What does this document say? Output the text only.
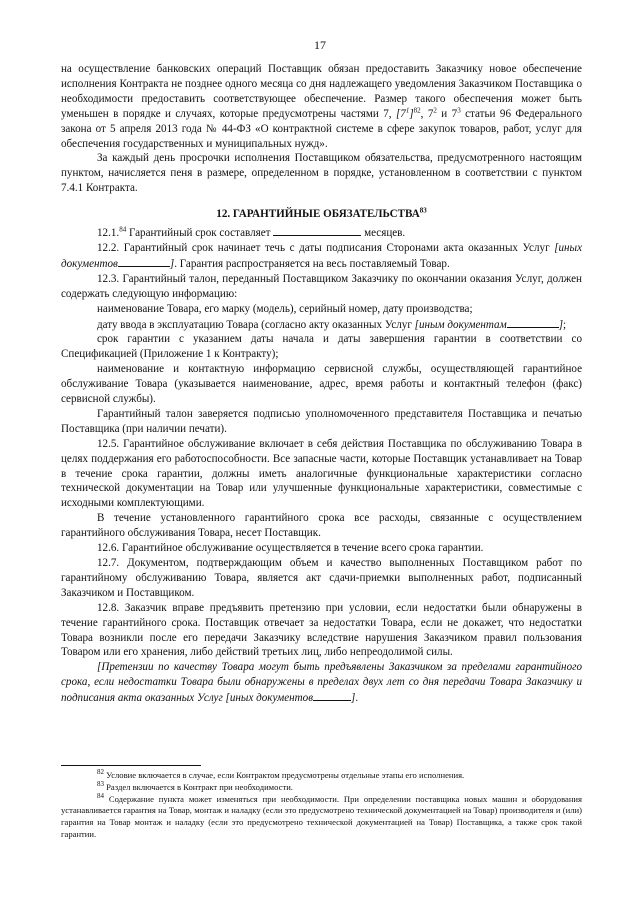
17

на осуществление банковских операций Поставщик обязан предоставить Заказчику новое обеспечение исполнения Контракта не позднее одного месяца со дня надлежащего уведомления Заказчиком Поставщика о необходимости предоставить соответствующее обеспечение. Размер такого обеспечения может быть уменьшен в порядке и случаях, которые предусмотрены частями 7, $[7^1]^{82}$, $7^2$ и $7^3$ статьи 96 Федерального закона от 5 апреля 2013 года № 44-ФЗ «О контрактной системе в сфере закупок товаров, работ, услуг для обеспечения государственных и муниципальных нужд».

За каждый день просрочки исполнения Поставщиком обязательства, предусмотренного настоящим пунктом, начисляется пеня в размере, определенном в порядке, установленном в соответствии с пунктом 7.4.1 Контракта.

12. ГАРАНТИЙНЫЕ ОБЯЗАТЕЛЬСТВА$^{83}$

12.1.84 Гарантийный срок составляет	месяцев.

12.2. Гарантийный срок начинает течь с даты подписания Сторонами акта оказанных Услуг [иных документов	]. Гарантия распространяется на весь поставляемый Товар.

12.3. Гарантийный талон, переданный Поставщиком Заказчику по окончании оказания Услуг, должен содержать следующую информацию:

наименование Товара, его марку (модель), серийный номер, дату производства;

дату ввода в эксплуатацию Товара (согласно акту оказанных Услуг [иным документам	];

срок гарантии с указанием даты начала и даты завершения гарантии в соответствии со Спецификацией (Приложение 1 к Контракту);

наименование и контактную информацию сервисной службы, осуществляющей гарантийное обслуживание Товара (указывается наименование, адрес, время работы и контактный телефон (факс) сервисной службы).

Гарантийный талон заверяется подписью уполномоченного представителя Поставщика и печатью Поставщика (при наличии печати).

12.5. Гарантийное обслуживание включает в себя действия Поставщика по обслуживанию Товара в целях поддержания его работоспособности. Все запасные части, которые Поставщик устанавливает на Товар в течение срока гарантии, должны иметь аналогичные функциональные характеристики согласно технической документации на Товар или улучшенные функциональные характеристики, совместимые с исходными комплектующими.

В течение установленного гарантийного срока все расходы, связанные с осуществлением гарантийного обслуживания Товара, несет Поставщик.

12.6. Гарантийное обслуживание осуществляется в течение всего срока гарантии.

12.7. Документом, подтверждающим объем и качество выполненных Поставщиком работ по гарантийному обслуживанию Товара, является акт сдачи-приемки выполненных работ, подписанный Заказчиком и Поставщиком.

12.8. Заказчик вправе предъявить претензию при условии, если недостатки были обнаружены в течение гарантийного срока. Поставщик отвечает за недостатки Товара, если не докажет, что недостатки Товара возникли после его передачи Заказчику вследствие нарушения Заказчиком правил пользования Товаром или его хранения, либо действий третьих лиц, либо непреодолимой силы.

[Претензии по качеству Товара могут быть предъявлены Заказчиком за пределами гарантийного срока, если недостатки Товара были обнаружены в пределах двух лет со дня передачи Товара Заказчику и подписания акта оказанных Услуг [иных документов	].

$^{82}$ Условие включается в случае, если Контрактом предусмотрены отдельные этапы его исполнения.

$^{83}$ Раздел включается в Контракт при необходимости.

$^{84}$ Содержание пункта может изменяться при необходимости. При определении поставщика новых машин и оборудования устанавливается гарантия на Товар, монтаж и наладку (если это предусмотрено технической документацией на Товар) производителя и (или) гарантия на Товар монтаж и наладку (если это предусмотрено технической документацией на Товар) Поставщика, а также срок такой гарантии.
